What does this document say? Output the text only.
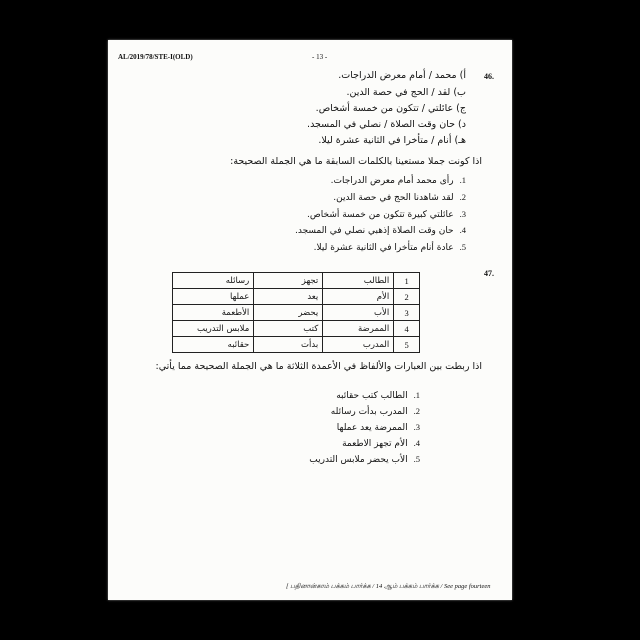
AL/2019/78/STE-I(OLD)	- 13 -
46.
أ) محمد / أمام معرض الدراجات.
ب) لقد / الحج في حصة الدين.
ج) عائلتي / تتكون من خمسة أشخاص.
د) حان وقت الصلاة / نصلي في المسجد.
هـ) أنام / متأخرا في الثانية عشرة ليلا.
اذا كونت جملا مستعينا بالكلمات السابقة ما هي الجملة الصحيحة:
1.رأى محمد أمام معرض الدراجات.
2.لقد شاهدنا الحج في حصة الدين.
3.عائلتي كبيرة تتكون من خمسة أشخاص.
4.حان وقت الصلاة إذهبي نصلي في المسجد.
5.عادة أنام متأخرا في الثانية عشرة ليلا.
47.
رسائله	تجهز	الطالب	1
عملها	يعد	الأم	2
الأطعمة	يحضر	الأب	3
ملابس التدريب	كتب	الممرضة	4
حقائبه	بدأت	المدرب	5
اذا ربطت بين العبارات والألفاظ في الأعمدة الثلاثة ما هي الجملة الصحيحة مما يأتي:
1.الطالب كتب حقائبه
2.المدرب بدأت رسائله
3.الممرضة يعد عملها
4.الأم تجهز الاطعمة
5.الأب يحضر ملابس التدريب
[ பதினான்காம் பக்கம் பார்க்க / 14 ஆம் பக்கம் பார்க்க / See page fourteen
